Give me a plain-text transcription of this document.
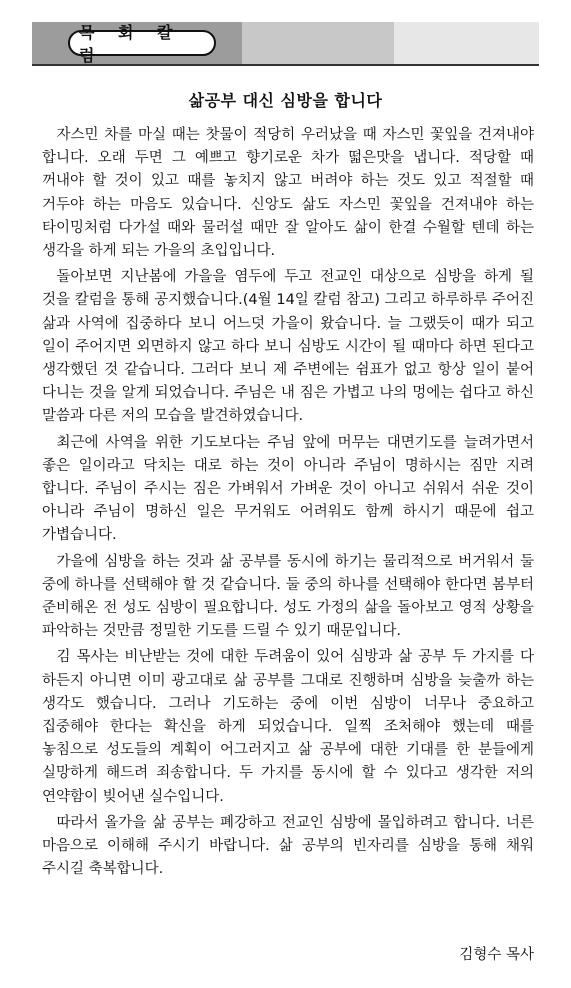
목 회 칼 럼
삶공부 대신 심방을 합니다

자스민 차를 마실 때는 찻물이 적당히 우러났을 때 자스민 꽃잎을 건져내야 합니다. 오래 두면 그 예쁘고 향기로운 차가 떫은맛을 냅니다. 적당할 때 꺼내야 할 것이 있고 때를 놓치지 않고 버려야 하는 것도 있고 적절할 때 거두야 하는 마음도 있습니다. 신앙도 삶도 자스민 꽃잎을 건져내야 하는 타이밍처럼 다가설 때와 물러설 때만 잘 알아도 삶이 한결 수월할 텐데 하는 생각을 하게 되는 가을의 초입입니다.

돌아보면 지난봄에 가을을 염두에 두고 전교인 대상으로 심방을 하게 될 것을 칼럼을 통해 공지했습니다.(4월 14일 칼럼 참고) 그리고 하루하루 주어진 삶과 사역에 집중하다 보니 어느덧 가을이 왔습니다. 늘 그랬듯이 때가 되고 일이 주어지면 외면하지 않고 하다 보니 심방도 시간이 될 때마다 하면 된다고 생각했던 것 같습니다. 그러다 보니 제 주변에는 쉼표가 없고 항상 일이 붙어 다니는 것을 알게 되었습니다. 주님은 내 짐은 가볍고 나의 멍에는 쉽다고 하신 말씀과 다른 저의 모습을 발견하였습니다.

최근에 사역을 위한 기도보다는 주님 앞에 머무는 대면기도를 늘려가면서 좋은 일이라고 닥치는 대로 하는 것이 아니라 주님이 명하시는 짐만 지려 합니다. 주님이 주시는 짐은 가벼워서 가벼운 것이 아니고 쉬워서 쉬운 것이 아니라 주님이 명하신 일은 무거워도 어려워도 함께 하시기 때문에 쉽고 가볍습니다.

가을에 심방을 하는 것과 삶 공부를 동시에 하기는 물리적으로 버거워서 둘 중에 하나를 선택해야 할 것 같습니다. 둘 중의 하나를 선택해야 한다면 봄부터 준비해온 전 성도 심방이 필요합니다. 성도 가정의 삶을 돌아보고 영적 상황을 파악하는 것만큼 정밀한 기도를 드릴 수 있기 때문입니다.

김 목사는 비난받는 것에 대한 두려움이 있어 심방과 삶 공부 두 가지를 다 하든지 아니면 이미 광고대로 삶 공부를 그대로 진행하며 심방을 늦출까 하는 생각도 했습니다. 그러나 기도하는 중에 이번 심방이 너무나 중요하고 집중해야 한다는 확신을 하게 되었습니다. 일찍 조처해야 했는데 때를 놓침으로 성도들의 계획이 어그러지고 삶 공부에 대한 기대를 한 분들에게 실망하게 해드려 죄송합니다. 두 가지를 동시에 할 수 있다고 생각한 저의 연약함이 빚어낸 실수입니다.

따라서 올가을 삶 공부는 폐강하고 전교인 심방에 몰입하려고 합니다. 너른 마음으로 이해해 주시기 바랍니다. 삶 공부의 빈자리를 심방을 통해 채워 주시길 축복합니다.

김형수 목사
